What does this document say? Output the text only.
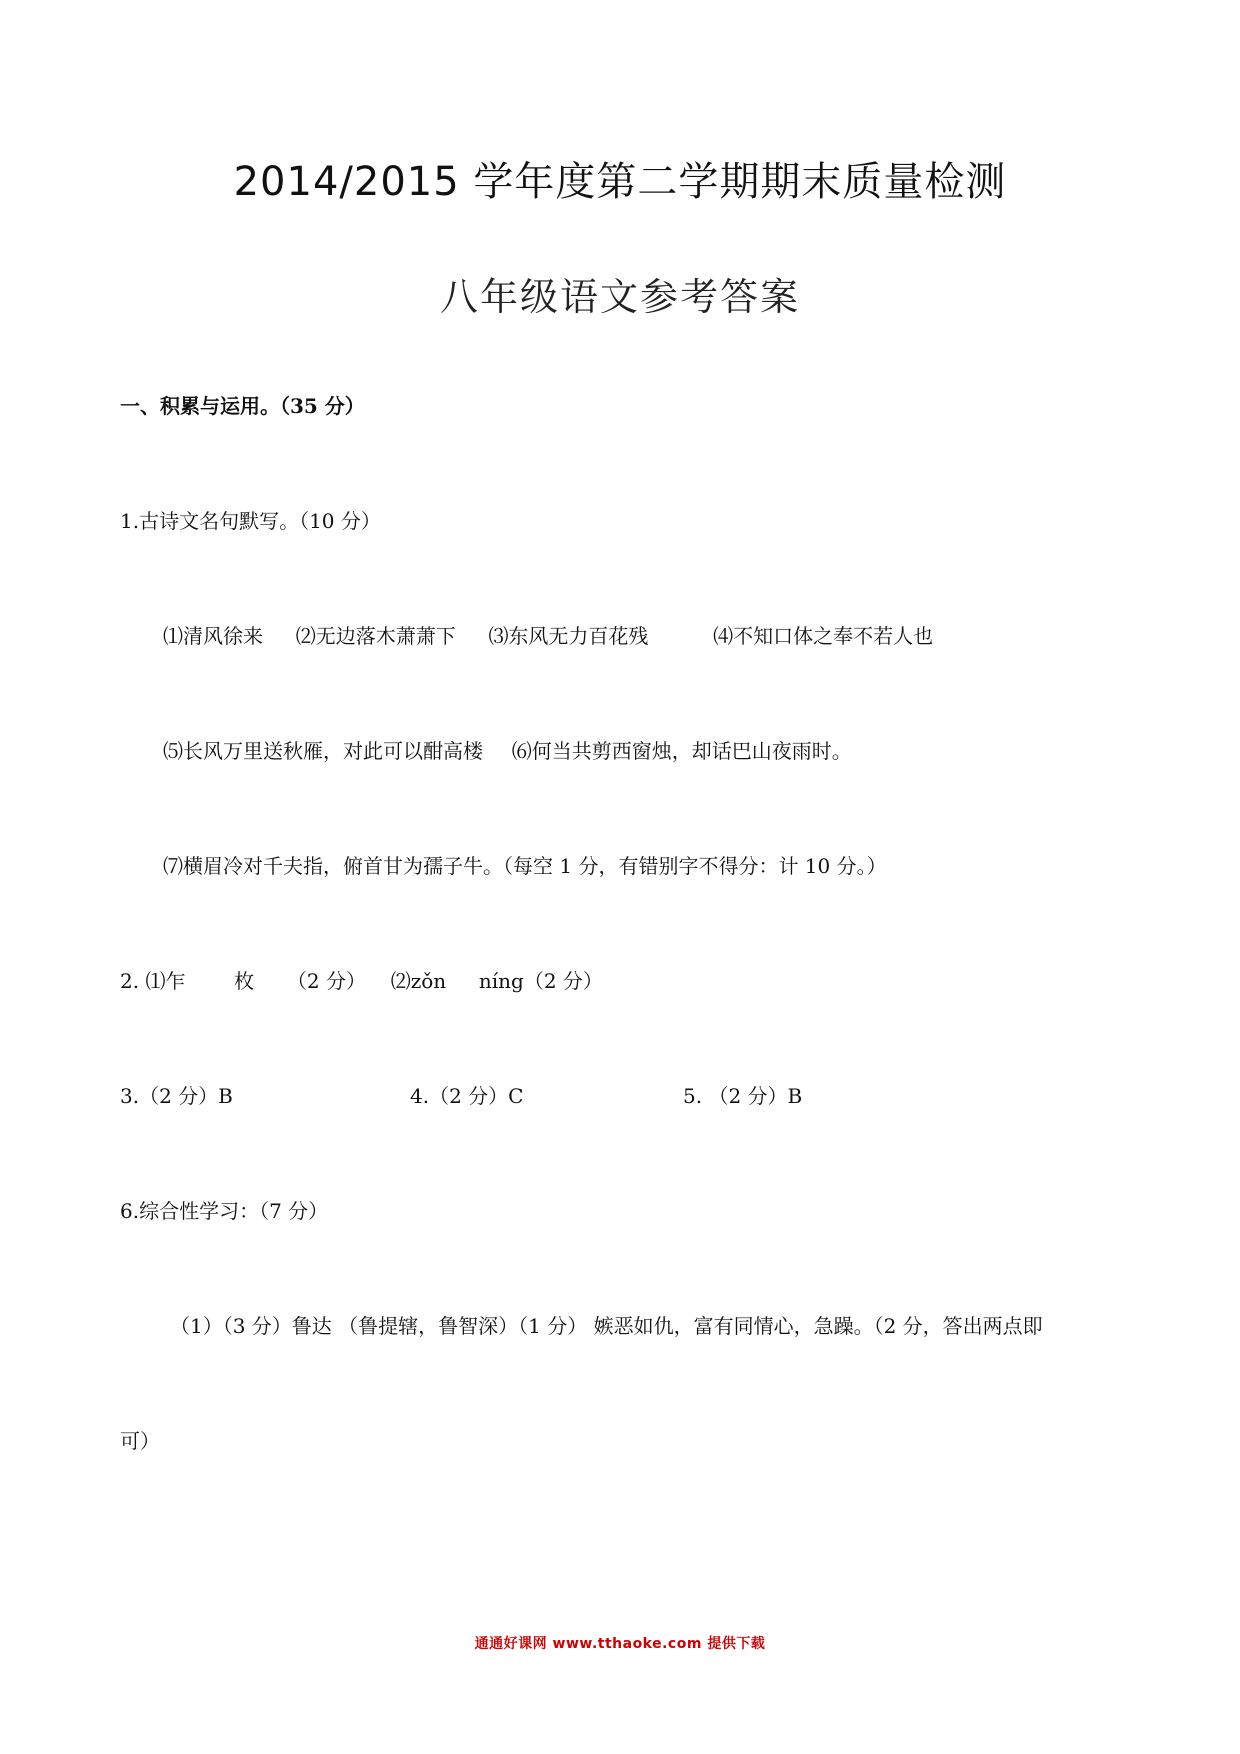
2014/2015 学年度第二学期期末质量检测
八年级语文参考答案
一、积累与运用。（35 分）
1.古诗文名句默写。（10 分）
⑴清风徐来 ⑵无边落木萧萧下 ⑶东风无力百花残	⑷不知口体之奉不若人也
⑸长风万里送秋雁，对此可以酣高楼 ⑹何当共剪西窗烛，却话巴山夜雨时。
⑺横眉冷对千夫指，俯首甘为孺子牛。（每空 1 分，有错别字不得分：计 10 分。）
2. ⑴乍 枚 （2 分） ⑵zǒn níng（2 分）
3.（2 分）B	4.（2 分）C	5. （2 分）B
6.综合性学习：（7 分）
（1）（3 分）鲁达 （鲁提辖，鲁智深）（1 分） 嫉恶如仇，富有同情心，急躁。（2 分，答出两点即
可）
通通好课网 www.tthaoke.com 提供下载
